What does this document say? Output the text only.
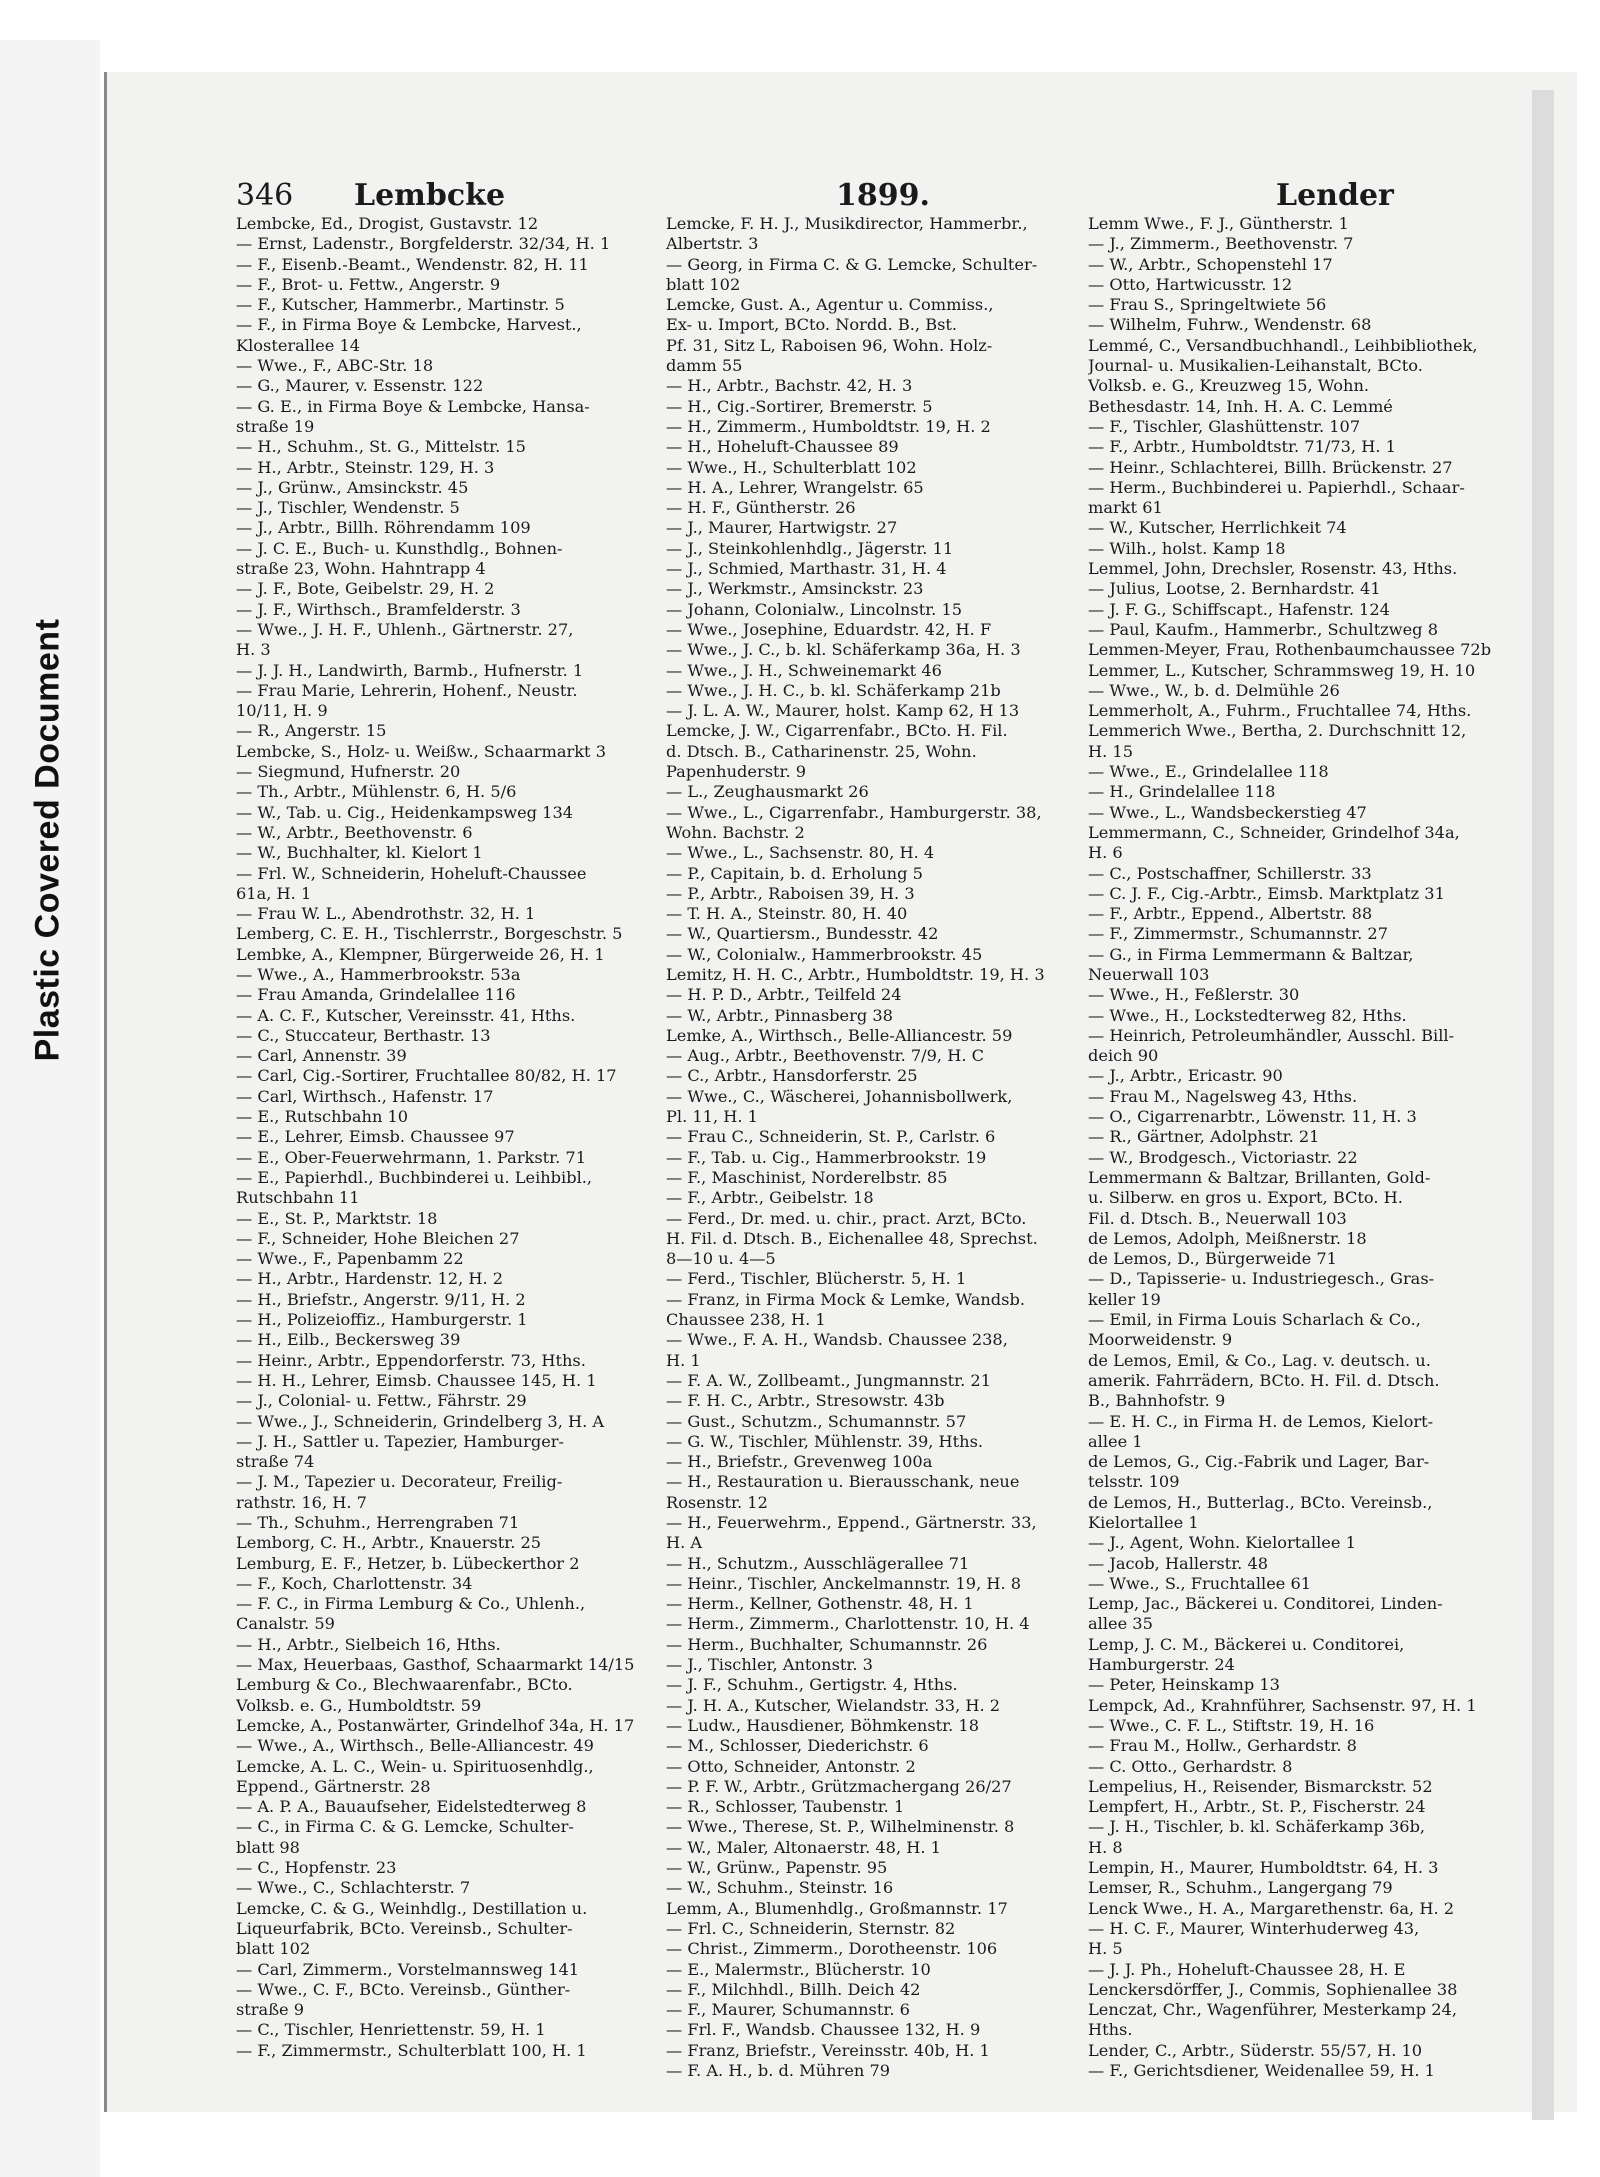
Plastic Covered Document
346 Lembcke	1899.	Lender
Lembcke, Ed., Drogist, Gustavstr. 12
— Ernst, Ladenstr., Borgfelderstr. 32/34, H. 1
— F., Eisenb.-Beamt., Wendenstr. 82, H. 11
— F., Brot- u. Fettw., Angerstr. 9
— F., Kutscher, Hammerbr., Martinstr. 5
— F., in Firma Boye & Lembcke, Harvest.,
Klosterallee 14
— Wwe., F., ABC-Str. 18
— G., Maurer, v. Essenstr. 122
— G. E., in Firma Boye & Lembcke, Hansa-
straße 19
— H., Schuhm., St. G., Mittelstr. 15
— H., Arbtr., Steinstr. 129, H. 3
— J., Grünw., Amsinckstr. 45
— J., Tischler, Wendenstr. 5
— J., Arbtr., Billh. Röhrendamm 109
— J. C. E., Buch- u. Kunsthdlg., Bohnen-
straße 23, Wohn. Hahntrapp 4
— J. F., Bote, Geibelstr. 29, H. 2
— J. F., Wirthsch., Bramfelderstr. 3
— Wwe., J. H. F., Uhlenh., Gärtnerstr. 27,
H. 3
— J. J. H., Landwirth, Barmb., Hufnerstr. 1
— Frau Marie, Lehrerin, Hohenf., Neustr.
10/11, H. 9
— R., Angerstr. 15
Lembcke, S., Holz- u. Weißw., Schaarmarkt 3
— Siegmund, Hufnerstr. 20
— Th., Arbtr., Mühlenstr. 6, H. 5/6
— W., Tab. u. Cig., Heidenkampsweg 134
— W., Arbtr., Beethovenstr. 6
— W., Buchhalter, kl. Kielort 1
— Frl. W., Schneiderin, Hoheluft-Chaussee
61a, H. 1
— Frau W. L., Abendrothstr. 32, H. 1
Lemberg, C. E. H., Tischlerrstr., Borgeschstr. 5
Lembke, A., Klempner, Bürgerweide 26, H. 1
— Wwe., A., Hammerbrookstr. 53a
— Frau Amanda, Grindelallee 116
— A. C. F., Kutscher, Vereinsstr. 41, Hths.
— C., Stuccateur, Berthastr. 13
— Carl, Annenstr. 39
— Carl, Cig.-Sortirer, Fruchtallee 80/82, H. 17
— Carl, Wirthsch., Hafenstr. 17
— E., Rutschbahn 10
— E., Lehrer, Eimsb. Chaussee 97
— E., Ober-Feuerwehrmann, 1. Parkstr. 71
— E., Papierhdl., Buchbinderei u. Leihbibl.,
Rutschbahn 11
— E., St. P., Marktstr. 18
— F., Schneider, Hohe Bleichen 27
— Wwe., F., Papenbamm 22
— H., Arbtr., Hardenstr. 12, H. 2
— H., Briefstr., Angerstr. 9/11, H. 2
— H., Polizeioffiz., Hamburgerstr. 1
— H., Eilb., Beckersweg 39
— Heinr., Arbtr., Eppendorferstr. 73, Hths.
— H. H., Lehrer, Eimsb. Chaussee 145, H. 1
— J., Colonial- u. Fettw., Fährstr. 29
— Wwe., J., Schneiderin, Grindelberg 3, H. A
— J. H., Sattler u. Tapezier, Hamburger-
straße 74
— J. M., Tapezier u. Decorateur, Freilig-
rathstr. 16, H. 7
— Th., Schuhm., Herrengraben 71
Lemborg, C. H., Arbtr., Knauerstr. 25
Lemburg, E. F., Hetzer, b. Lübeckerthor 2
— F., Koch, Charlottenstr. 34
— F. C., in Firma Lemburg & Co., Uhlenh.,
Canalstr. 59
— H., Arbtr., Sielbeich 16, Hths.
— Max, Heuerbaas, Gasthof, Schaarmarkt 14/15
Lemburg & Co., Blechwaarenfabr., BCto.
Volksb. e. G., Humboldtstr. 59
Lemcke, A., Postanwärter, Grindelhof 34a, H. 17
— Wwe., A., Wirthsch., Belle-Alliancestr. 49
Lemcke, A. L. C., Wein- u. Spirituosenhdlg.,
Eppend., Gärtnerstr. 28
— A. P. A., Bauaufseher, Eidelstedterweg 8
— C., in Firma C. & G. Lemcke, Schulter-
blatt 98
— C., Hopfenstr. 23
— Wwe., C., Schlachterstr. 7
Lemcke, C. & G., Weinhdlg., Destillation u.
Liqueurfabrik, BCto. Vereinsb., Schulter-
blatt 102
— Carl, Zimmerm., Vorstelmannsweg 141
— Wwe., C. F., BCto. Vereinsb., Günther-
straße 9
— C., Tischler, Henriettenstr. 59, H. 1
— F., Zimmermstr., Schulterblatt 100, H. 1
Lemcke, F. H. J., Musikdirector, Hammerbr.,
Albertstr. 3
— Georg, in Firma C. & G. Lemcke, Schulter-
blatt 102
Lemcke, Gust. A., Agentur u. Commiss.,
Ex- u. Import, BCto. Nordd. B., Bst.
Pf. 31, Sitz L, Raboisen 96, Wohn. Holz-
damm 55
— H., Arbtr., Bachstr. 42, H. 3
— H., Cig.-Sortirer, Bremerstr. 5
— H., Zimmerm., Humboldtstr. 19, H. 2
— H., Hoheluft-Chaussee 89
— Wwe., H., Schulterblatt 102
— H. A., Lehrer, Wrangelstr. 65
— H. F., Güntherstr. 26
— J., Maurer, Hartwigstr. 27
— J., Steinkohlenhdlg., Jägerstr. 11
— J., Schmied, Marthastr. 31, H. 4
— J., Werkmstr., Amsinckstr. 23
— Johann, Colonialw., Lincolnstr. 15
— Wwe., Josephine, Eduardstr. 42, H. F
— Wwe., J. C., b. kl. Schäferkamp 36a, H. 3
— Wwe., J. H., Schweinemarkt 46
— Wwe., J. H. C., b. kl. Schäferkamp 21b
— J. L. A. W., Maurer, holst. Kamp 62, H 13
Lemcke, J. W., Cigarrenfabr., BCto. H. Fil.
d. Dtsch. B., Catharinenstr. 25, Wohn.
Papenhuderstr. 9
— L., Zeughausmarkt 26
— Wwe., L., Cigarrenfabr., Hamburgerstr. 38,
Wohn. Bachstr. 2
— Wwe., L., Sachsenstr. 80, H. 4
— P., Capitain, b. d. Erholung 5
— P., Arbtr., Raboisen 39, H. 3
— T. H. A., Steinstr. 80, H. 40
— W., Quartiersm., Bundesstr. 42
— W., Colonialw., Hammerbrookstr. 45
Lemitz, H. H. C., Arbtr., Humboldtstr. 19, H. 3
— H. P. D., Arbtr., Teilfeld 24
— W., Arbtr., Pinnasberg 38
Lemke, A., Wirthsch., Belle-Alliancestr. 59
— Aug., Arbtr., Beethovenstr. 7/9, H. C
— C., Arbtr., Hansdorferstr. 25
— Wwe., C., Wäscherei, Johannisbollwerk,
Pl. 11, H. 1
— Frau C., Schneiderin, St. P., Carlstr. 6
— F., Tab. u. Cig., Hammerbrookstr. 19
— F., Maschinist, Norderelbstr. 85
— F., Arbtr., Geibelstr. 18
— Ferd., Dr. med. u. chir., pract. Arzt, BCto.
H. Fil. d. Dtsch. B., Eichenallee 48, Sprechst.
8—10 u. 4—5
— Ferd., Tischler, Blücherstr. 5, H. 1
— Franz, in Firma Mock & Lemke, Wandsb.
Chaussee 238, H. 1
— Wwe., F. A. H., Wandsb. Chaussee 238,
H. 1
— F. A. W., Zollbeamt., Jungmannstr. 21
— F. H. C., Arbtr., Stresowstr. 43b
— Gust., Schutzm., Schumannstr. 57
— G. W., Tischler, Mühlenstr. 39, Hths.
— H., Briefstr., Grevenweg 100a
— H., Restauration u. Bierausschank, neue
Rosenstr. 12
— H., Feuerwehrm., Eppend., Gärtnerstr. 33,
H. A
— H., Schutzm., Ausschlägerallee 71
— Heinr., Tischler, Anckelmannstr. 19, H. 8
— Herm., Kellner, Gothenstr. 48, H. 1
— Herm., Zimmerm., Charlottenstr. 10, H. 4
— Herm., Buchhalter, Schumannstr. 26
— J., Tischler, Antonstr. 3
— J. F., Schuhm., Gertigstr. 4, Hths.
— J. H. A., Kutscher, Wielandstr. 33, H. 2
— Ludw., Hausdiener, Böhmkenstr. 18
— M., Schlosser, Diederichstr. 6
— Otto, Schneider, Antonstr. 2
— P. F. W., Arbtr., Grützmachergang 26/27
— R., Schlosser, Taubenstr. 1
— Wwe., Therese, St. P., Wilhelminenstr. 8
— W., Maler, Altonaerstr. 48, H. 1
— W., Grünw., Papenstr. 95
— W., Schuhm., Steinstr. 16
Lemm, A., Blumenhdlg., Großmannstr. 17
— Frl. C., Schneiderin, Sternstr. 82
— Christ., Zimmerm., Dorotheenstr. 106
— E., Malermstr., Blücherstr. 10
— F., Milchhdl., Billh. Deich 42
— F., Maurer, Schumannstr. 6
— Frl. F., Wandsb. Chaussee 132, H. 9
— Franz, Briefstr., Vereinsstr. 40b, H. 1
— F. A. H., b. d. Mühren 79
Lemm Wwe., F. J., Güntherstr. 1
— J., Zimmerm., Beethovenstr. 7
— W., Arbtr., Schopenstehl 17
— Otto, Hartwicusstr. 12
— Frau S., Springeltwiete 56
— Wilhelm, Fuhrw., Wendenstr. 68
Lemmé, C., Versandbuchhandl., Leihbibliothek,
Journal- u. Musikalien-Leihanstalt, BCto.
Volksb. e. G., Kreuzweg 15, Wohn.
Bethesdastr. 14, Inh. H. A. C. Lemmé
— F., Tischler, Glashüttenstr. 107
— F., Arbtr., Humboldtstr. 71/73, H. 1
— Heinr., Schlachterei, Billh. Brückenstr. 27
— Herm., Buchbinderei u. Papierhdl., Schaar-
markt 61
— W., Kutscher, Herrlichkeit 74
— Wilh., holst. Kamp 18
Lemmel, John, Drechsler, Rosenstr. 43, Hths.
— Julius, Lootse, 2. Bernhardstr. 41
— J. F. G., Schiffscapt., Hafenstr. 124
— Paul, Kaufm., Hammerbr., Schultzweg 8
Lemmen-Meyer, Frau, Rothenbaumchaussee 72b
Lemmer, L., Kutscher, Schrammsweg 19, H. 10
— Wwe., W., b. d. Delmühle 26
Lemmerholt, A., Fuhrm., Fruchtallee 74, Hths.
Lemmerich Wwe., Bertha, 2. Durchschnitt 12,
H. 15
— Wwe., E., Grindelallee 118
— H., Grindelallee 118
— Wwe., L., Wandsbeckerstieg 47
Lemmermann, C., Schneider, Grindelhof 34a,
H. 6
— C., Postschaffner, Schillerstr. 33
— C. J. F., Cig.-Arbtr., Eimsb. Marktplatz 31
— F., Arbtr., Eppend., Albertstr. 88
— F., Zimmermstr., Schumannstr. 27
— G., in Firma Lemmermann & Baltzar,
Neuerwall 103
— Wwe., H., Feßlerstr. 30
— Wwe., H., Lockstedterweg 82, Hths.
— Heinrich, Petroleumhändler, Ausschl. Bill-
deich 90
— J., Arbtr., Ericastr. 90
— Frau M., Nagelsweg 43, Hths.
— O., Cigarrenarbtr., Löwenstr. 11, H. 3
— R., Gärtner, Adolphstr. 21
— W., Brodgesch., Victoriastr. 22
Lemmermann & Baltzar, Brillanten, Gold-
u. Silberw. en gros u. Export, BCto. H.
Fil. d. Dtsch. B., Neuerwall 103
de Lemos, Adolph, Meißnerstr. 18
de Lemos, D., Bürgerweide 71
— D., Tapisserie- u. Industriegesch., Gras-
keller 19
— Emil, in Firma Louis Scharlach & Co.,
Moorweidenstr. 9
de Lemos, Emil, & Co., Lag. v. deutsch. u.
amerik. Fahrrädern, BCto. H. Fil. d. Dtsch.
B., Bahnhofstr. 9
— E. H. C., in Firma H. de Lemos, Kielort-
allee 1
de Lemos, G., Cig.-Fabrik und Lager, Bar-
telsstr. 109
de Lemos, H., Butterlag., BCto. Vereinsb.,
Kielortallee 1
— J., Agent, Wohn. Kielortallee 1
— Jacob, Hallerstr. 48
— Wwe., S., Fruchtallee 61
Lemp, Jac., Bäckerei u. Conditorei, Linden-
allee 35
Lemp, J. C. M., Bäckerei u. Conditorei,
Hamburgerstr. 24
— Peter, Heinskamp 13
Lempck, Ad., Krahnführer, Sachsenstr. 97, H. 1
— Wwe., C. F. L., Stiftstr. 19, H. 16
— Frau M., Hollw., Gerhardstr. 8
— C. Otto., Gerhardstr. 8
Lempelius, H., Reisender, Bismarckstr. 52
Lempfert, H., Arbtr., St. P., Fischerstr. 24
— J. H., Tischler, b. kl. Schäferkamp 36b,
H. 8
Lempin, H., Maurer, Humboldtstr. 64, H. 3
Lemser, R., Schuhm., Langergang 79
Lenck Wwe., H. A., Margarethenstr. 6a, H. 2
— H. C. F., Maurer, Winterhuderweg 43,
H. 5
— J. J. Ph., Hoheluft-Chaussee 28, H. E
Lenckersdörffer, J., Commis, Sophienallee 38
Lenczat, Chr., Wagenführer, Mesterkamp 24,
Hths.
Lender, C., Arbtr., Süderstr. 55/57, H. 10
— F., Gerichtsdiener, Weidenallee 59, H. 1
